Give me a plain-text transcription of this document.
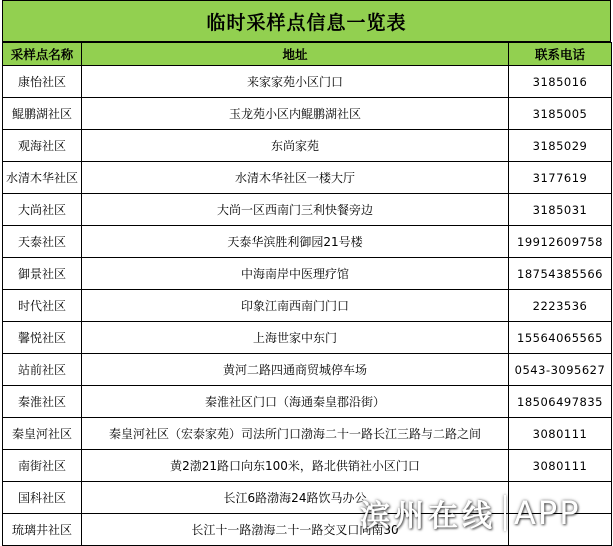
临时采样点信息一览表
采样点名称	地址	联系电话
康怡社区	来家家苑小区门口	3185016
鲲鹏湖社区	玉龙苑小区内鲲鹏湖社区	3185005
观海社区	东尚家苑	3185029
水清木华社区	水清木华社区一楼大厅	3177619
大尚社区	大尚一区西南门三利快餐旁边	3185031
天泰社区	天泰华滨胜利御园21号楼	19912609758
御景社区	中海南岸中医理疗馆	18754385566
时代社区	印象江南西南门门口	2223536
馨悦社区	上海世家中东门	15564065565
站前社区	黄河二路四通商贸城停车场	0543-3095627
秦淮社区	秦淮社区门口（海通秦皇郡沿街）	18506497835
秦皇河社区	秦皇河社区（宏泰家苑）司法所门口渤海二十一路长江三路与二路之间	3080111
南街社区	黄2渤21路口向东100米，路北供销社小区门口	3080111
国科社区	长江6路渤海24路饮马办公	
琉璃井社区	长江十一路渤海二十一路交叉口向南30	
滨州在线 APP
